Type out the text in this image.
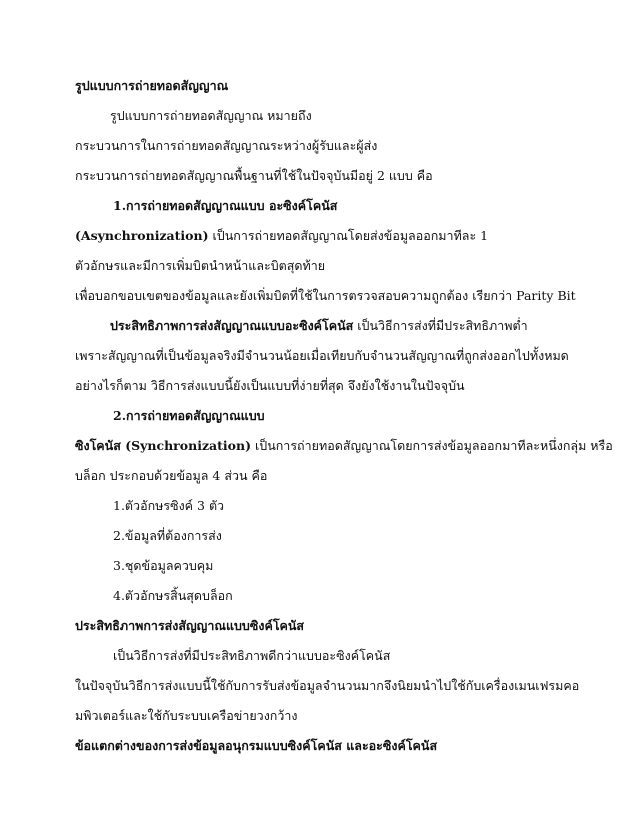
รูปแบบการถ่ายทอดสัญญาณ

รูปแบบการถ่ายทอดสัญญาณ หมายถึง

กระบวนการในการถ่ายทอดสัญญาณระหว่างผู้รับและผู้ส่ง

กระบวนการถ่ายทอดสัญญาณพื้นฐานที่ใช้ในปัจจุบันมีอยู่ 2 แบบ คือ

1.การถ่ายทอดสัญญาณแบบ อะซิงค์โคนัส

(Asynchronization) เป็นการถ่ายทอดสัญญาณโดยส่งข้อมูลออกมาทีละ 1

ตัวอักษรและมีการเพิ่มบิตนำหน้าและบิตสุดท้าย

เพื่อบอกขอบเขตของข้อมูลและยังเพิ่มบิตที่ใช้ในการตรวจสอบความถูกต้อง เรียกว่า Parity Bit

ประสิทธิภาพการส่งสัญญาณแบบอะซิงค์โคนัส เป็นวิธีการส่งที่มีประสิทธิภาพต่ำ

เพราะสัญญาณที่เป็นข้อมูลจริงมีจำนวนน้อยเมื่อเทียบกับจำนวนสัญญาณที่ถูกส่งออกไปทั้งหมด

อย่างไรก็ตาม วิธีการส่งแบบนี้ยังเป็นแบบที่ง่ายที่สุด จึงยังใช้งานในปัจจุบัน

2.การถ่ายทอดสัญญาณแบบ

ซิงโคนัส (Synchronization) เป็นการถ่ายทอดสัญญาณโดยการส่งข้อมูลออกมาทีละหนึ่งกลุ่ม หรือ

บล็อก ประกอบด้วยข้อมูล 4 ส่วน คือ

1.ตัวอักษรซิงค์ 3 ตัว

2.ข้อมูลที่ต้องการส่ง

3.ชุดข้อมูลควบคุม

4.ตัวอักษรสิ้นสุดบล็อก

ประสิทธิภาพการส่งสัญญาณแบบซิงค์โคนัส

เป็นวิธีการส่งที่มีประสิทธิภาพดีกว่าแบบอะซิงค์โคนัส

ในปัจจุบันวิธีการส่งแบบนี้ใช้กับการรับส่งข้อมูลจำนวนมากจึงนิยมนำไปใช้กับเครื่องเมนเฟรมคอ

มพิวเตอร์และใช้กับระบบเครือข่ายวงกว้าง

ข้อแตกต่างของการส่งข้อมูลอนุกรมแบบซิงค์โคนัส และอะซิงค์โคนัส
